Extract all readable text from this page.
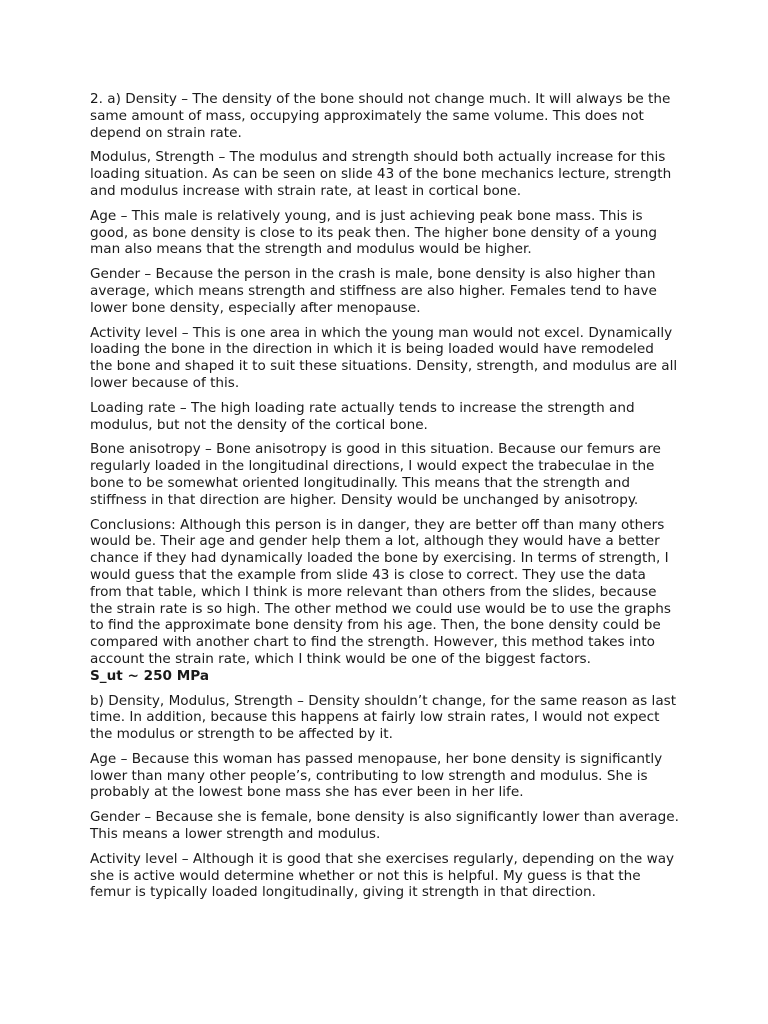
2. a) Density – The density of the bone should not change much. It will always be the same amount of mass, occupying approximately the same volume. This does not depend on strain rate.

Modulus, Strength – The modulus and strength should both actually increase for this loading situation. As can be seen on slide 43 of the bone mechanics lecture, strength and modulus increase with strain rate, at least in cortical bone.

Age – This male is relatively young, and is just achieving peak bone mass. This is good, as bone density is close to its peak then. The higher bone density of a young man also means that the strength and modulus would be higher.

Gender – Because the person in the crash is male, bone density is also higher than average, which means strength and stiffness are also higher. Females tend to have lower bone density, especially after menopause.

Activity level – This is one area in which the young man would not excel. Dynamically loading the bone in the direction in which it is being loaded would have remodeled the bone and shaped it to suit these situations. Density, strength, and modulus are all lower because of this.

Loading rate – The high loading rate actually tends to increase the strength and modulus, but not the density of the cortical bone.

Bone anisotropy – Bone anisotropy is good in this situation. Because our femurs are regularly loaded in the longitudinal directions, I would expect the trabeculae in the bone to be somewhat oriented longitudinally. This means that the strength and stiffness in that direction are higher. Density would be unchanged by anisotropy.

Conclusions: Although this person is in danger, they are better off than many others would be. Their age and gender help them a lot, although they would have a better chance if they had dynamically loaded the bone by exercising. In terms of strength, I would guess that the example from slide 43 is close to correct. They use the data from that table, which I think is more relevant than others from the slides, because the strain rate is so high. The other method we could use would be to use the graphs to find the approximate bone density from his age. Then, the bone density could be compared with another chart to find the strength. However, this method takes into account the strain rate, which I think would be one of the biggest factors.

S_ut ~ 250 MPa

b) Density, Modulus, Strength – Density shouldn’t change, for the same reason as last time. In addition, because this happens at fairly low strain rates, I would not expect the modulus or strength to be affected by it.

Age – Because this woman has passed menopause, her bone density is significantly lower than many other people’s, contributing to low strength and modulus. She is probably at the lowest bone mass she has ever been in her life.

Gender – Because she is female, bone density is also significantly lower than average. This means a lower strength and modulus.

Activity level – Although it is good that she exercises regularly, depending on the way she is active would determine whether or not this is helpful. My guess is that the femur is typically loaded longitudinally, giving it strength in that direction.
